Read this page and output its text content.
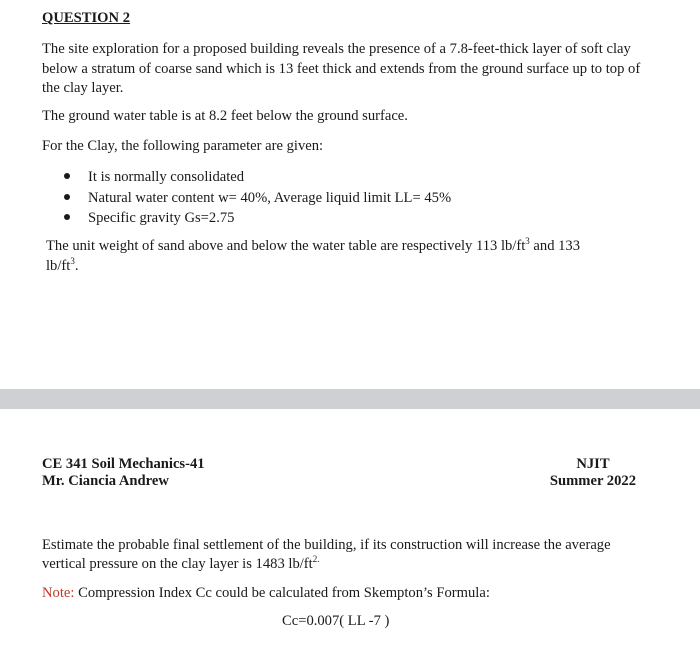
QUESTION 2
The site exploration for a proposed building reveals the presence of a 7.8-feet-thick layer of soft clay below a stratum of coarse sand which is 13 feet thick and extends from the ground surface up to top of the clay layer.
The ground water table is at 8.2 feet below the ground surface.
For the Clay, the following parameter are given:
It is normally consolidated
Natural water content w= 40%, Average liquid limit LL= 45%
Specific gravity Gs=2.75
The unit weight of sand above and below the water table are respectively 113 $lb/ft^3$ and 133
$lb/ft^3$.
CE 341 Soil Mechanics-41
Mr. Ciancia Andrew
NJIT
Summer 2022
Estimate the probable final settlement of the building, if its construction will increase the average vertical pressure on the clay layer is 1483 $lb/ft^{2.}$
Note: Compression Index Cc could be calculated from Skempton’s Formula:
Cc=0.007( LL -7 )
